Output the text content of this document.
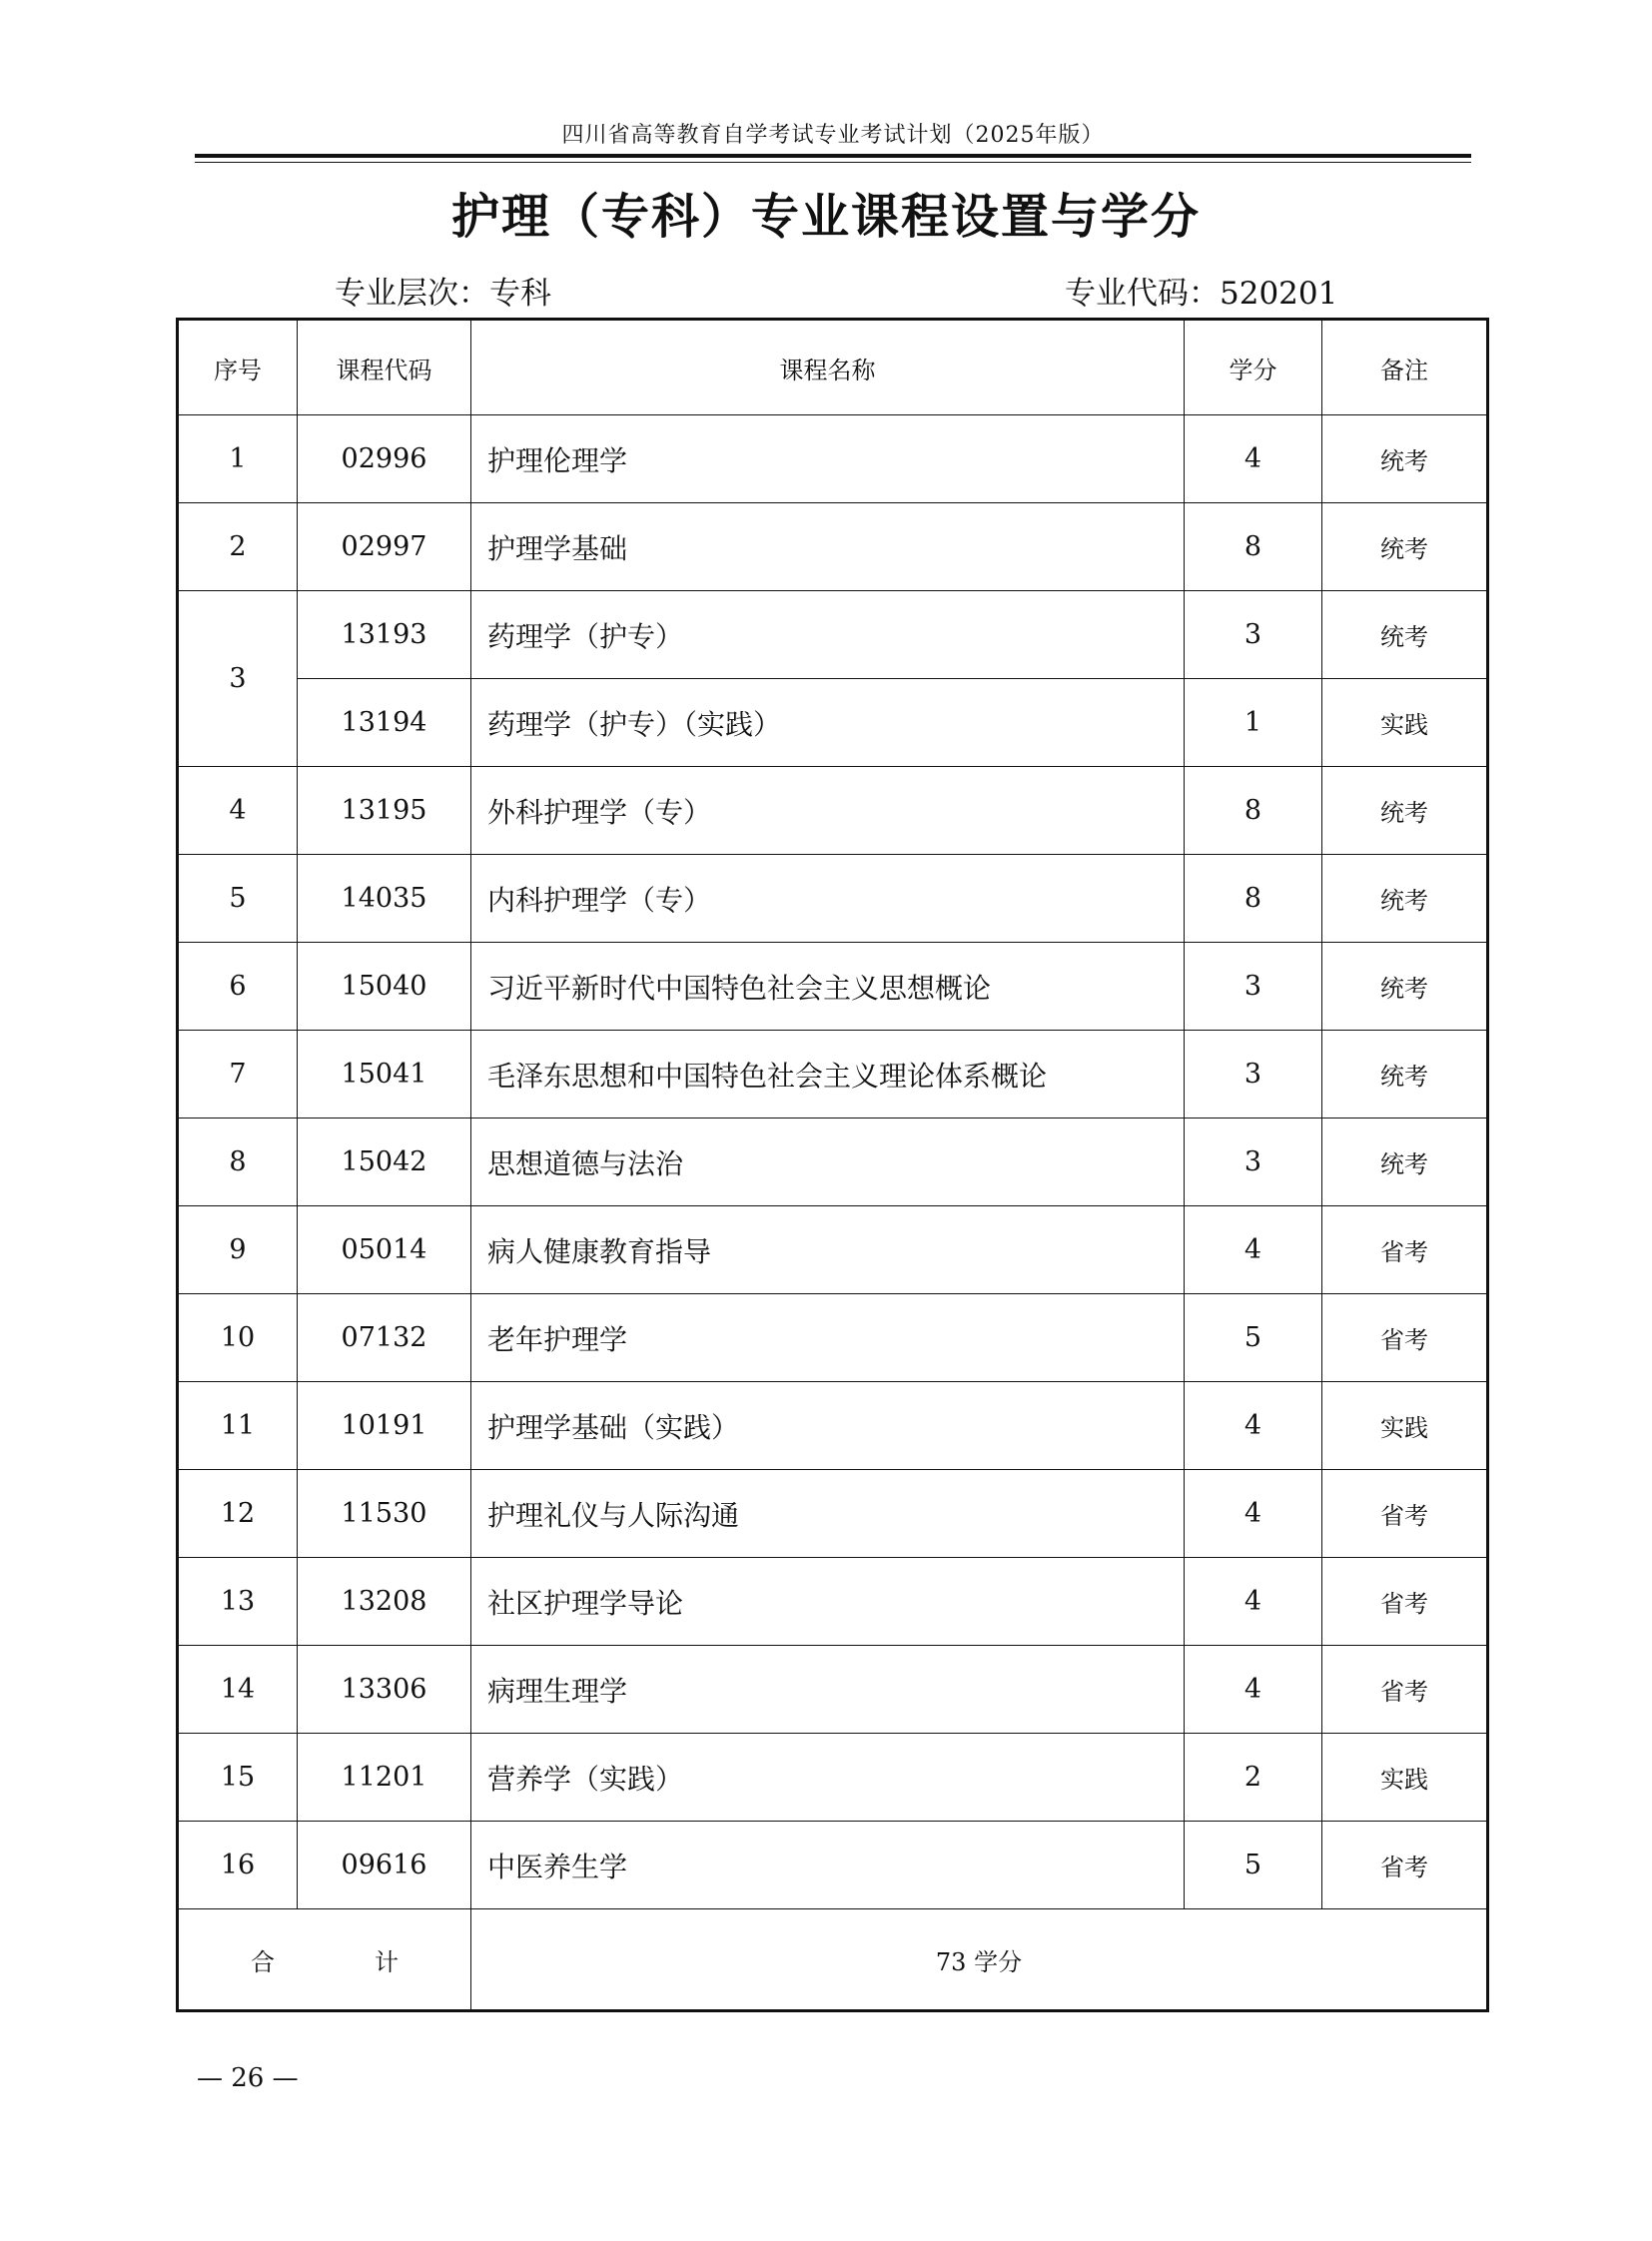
四川省高等教育自学考试专业考试计划（2025年版）
护理（专科）专业课程设置与学分
专业层次：专科	专业代码：520201
序号	课程代码	课程名称	学分	备注
1	02996	护理伦理学	4	统考
2	02997	护理学基础	8	统考
3	13193	药理学（护专）	3	统考
	13194	药理学（护专）（实践）	1	实践
4	13195	外科护理学（专）	8	统考
5	14035	内科护理学（专）	8	统考
6	15040	习近平新时代中国特色社会主义思想概论	3	统考
7	15041	毛泽东思想和中国特色社会主义理论体系概论	3	统考
8	15042	思想道德与法治	3	统考
9	05014	病人健康教育指导	4	省考
10	07132	老年护理学	5	省考
11	10191	护理学基础（实践）	4	实践
12	11530	护理礼仪与人际沟通	4	省考
13	13208	社区护理学导论	4	省考
14	13306	病理生理学	4	省考
15	11201	营养学（实践）	2	实践
16	09616	中医养生学	5	省考
合 计		73 学分		
— 26 —
